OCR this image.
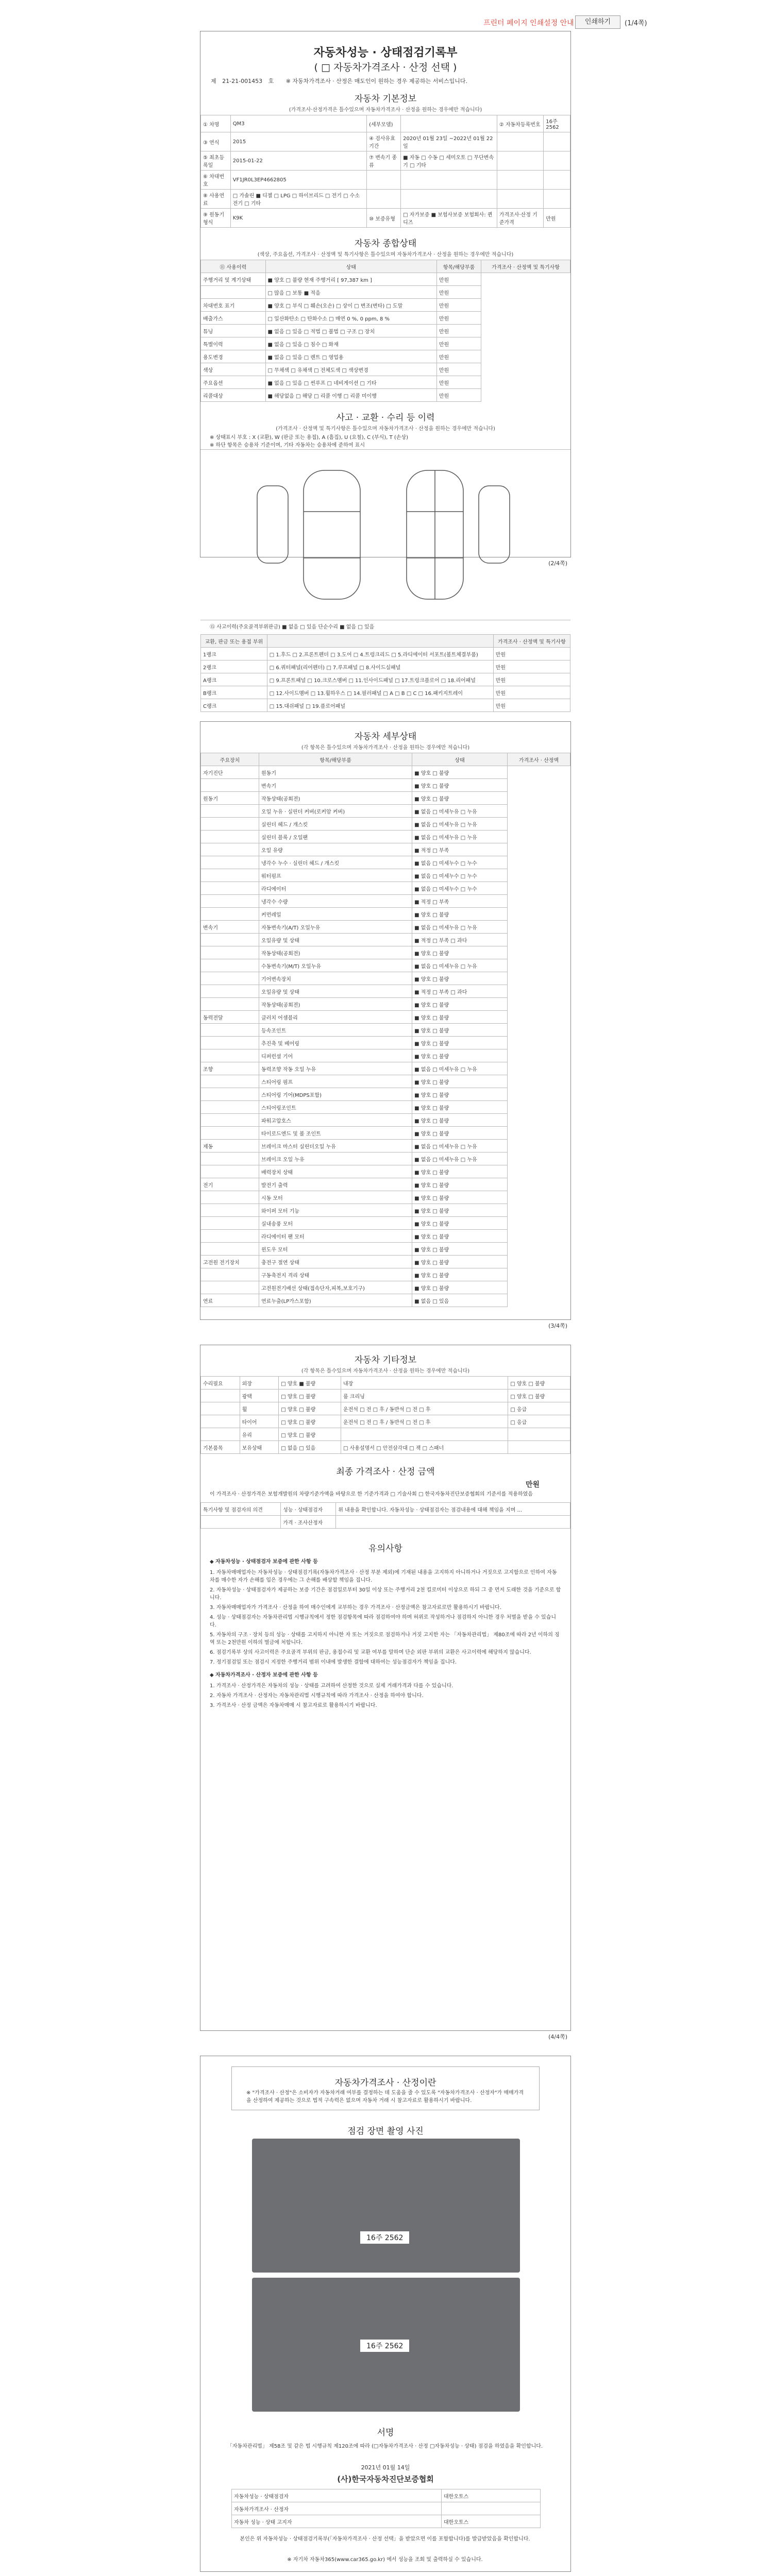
프린터 페이지 인쇄설정 안내	인쇄하기	(1/4쪽)
자동차성능 · 상태점검기록부
( □ 자동차가격조사 · 산정 선택 )
제 21-21-001453 호 ※ 자동차가격조사 · 산정은 매도인이 원하는 경우 제공하는 서비스입니다.
자동차 기본정보
(가격조사·산정가격은 틀수있으며 자동차가격조사 · 산정을 원하는 경우에만 적습니다)
① 차명	QM3	(세부모델)		② 자동차등록번호	16주2562
③ 연식	2015	④ 검사유효기간	2020년 01월 23일 ~2022년 01월 22일		
⑤ 최초등록일	2015-01-22	⑦ 변속기 종류	■ 자동 □ 수동 □ 세미오토 □ 무단변속기 □ 기타		
⑥ 차대번호	VF1JR0L3EP4662805				
⑧ 사용연료	□ 가솔린 ■ 디젤 □ LPG □ 하이브리드 □ 전기 □ 수소전기 □ 기타				
⑨ 원동기형식	K9K	⑩ 보증유형	□ 자가보증 ■ 보험사보증 보험회사: 퀸디즈	가격조사·산정 기준가격	만원
자동차 종합상태
(색상, 주요옵션, 가격조사 · 산정액 및 특기사항은 틀수있으며 자동차가격조사 · 산정을 원하는 경우에만 적습니다)
⑪ 사용이력	상태	항목/해당부품	가격조사 · 산정액 및 특기사항
주행거리 및 계기상태	■ 양호 □ 불량 현재 주행거리 [ 97,387 km ]	만원	
	□ 많음 □ 보통 ■ 적음	만원	
차대번호 표기	■ 양호 □ 부식 □ 훼손(오손) □ 상이 □ 변조(변타) □ 도말	만원	
배출가스	□ 일산화탄소 □ 탄화수소 □ 매연 0 %, 0 ppm, 8 %	만원	
튜닝	■ 없음 □ 있음 □ 적법 □ 불법 □ 구조 □ 장치	만원	
특별이력	■ 없음 □ 있음 □ 침수 □ 화재	만원	
용도변경	■ 없음 □ 있음 □ 렌트 □ 영업용	만원	
색상	□ 무채색 □ 유채색 □ 전체도색 □ 색상변경	만원	
주요옵션	■ 없음 □ 있음 □ 썬루프 □ 네비게이션 □ 기타	만원	
리콜대상	■ 해당없음 □ 해당 □ 리콜 이행 □ 리콜 미이행	만원	
사고 · 교환 · 수리 등 이력
(가격조사 · 산정액 및 특기사항은 틀수있으며 자동차가격조사 · 산정을 원하는 경우에만 적습니다)
※ 상태표시 부호 : X (교환), W (판금 또는 용접), A (흠집), U (요철), C (부식), T (손상)
※ 하단 항목은 승용차 기준이며, 기타 자동차는 승용차에 준하여 표시
⑮ 사고이력(주요골격부위판금) ■ 없음 □ 있음 단순수리 ■ 없음 □ 있음
교환, 판금 또는 용접 부위		가격조사 · 산정액 및 특기사항
1랭크	□ 1.후드 □ 2.프론트펜더 □ 3.도어 □ 4.트렁크리드 □ 5.라디에이터 서포트(볼트체결부품)	만원
2랭크	□ 6.쿼터패널(리어펜더) □ 7.루프패널 □ 8.사이드실패널	만원
A랭크	□ 9.프론트패널 □ 10.크로스멤버 □ 11.인사이드패널 □ 17.트렁크플로어 □ 18.리어패널	만원
B랭크	□ 12.사이드멤버 □ 13.휠하우스 □ 14.필러패널 □ A □ B □ C □ 16.패키지트레이	만원
C랭크	□ 15.대쉬패널 □ 19.플로어패널	만원
(2/4쪽)
자동차 세부상태
(각 항목은 틀수있으며 자동차가격조사 · 산정을 원하는 경우에만 적습니다)
주요장치	항목/해당부품	상태	가격조사 · 산정액
자기진단	원동기	■ 양호 □ 불량	
	변속기	■ 양호 □ 불량	
원동기	작동상태(공회전)	■ 양호 □ 불량	
	오일 누유 · 실린더 커버(로커암 커버)	■ 없음 □ 미세누유 □ 누유	
	실린더 헤드 / 개스킷	■ 없음 □ 미세누유 □ 누유	
	실린더 블록 / 오일팬	■ 없음 □ 미세누유 □ 누유	
	오일 유량	■ 적정 □ 부족	
	냉각수 누수 · 실린더 헤드 / 개스킷	■ 없음 □ 미세누수 □ 누수	
	워터펌프	■ 없음 □ 미세누수 □ 누수	
	라디에이터	■ 없음 □ 미세누수 □ 누수	
	냉각수 수량	■ 적정 □ 부족	
	커먼레일	■ 양호 □ 불량	
변속기	자동변속기(A/T) 오일누유	■ 없음 □ 미세누유 □ 누유	
	오일유량 및 상태	■ 적정 □ 부족 □ 과다	
	작동상태(공회전)	■ 양호 □ 불량	
	수동변속기(M/T) 오일누유	■ 없음 □ 미세누유 □ 누유	
	기어변속장치	■ 양호 □ 불량	
	오일유량 및 상태	■ 적정 □ 부족 □ 과다	
	작동상태(공회전)	■ 양호 □ 불량	
동력전달	클러치 어셈블리	■ 양호 □ 불량	
	등속조인트	■ 양호 □ 불량	
	추진축 및 베어링	■ 양호 □ 불량	
	디퍼런셜 기어	■ 양호 □ 불량	
조향	동력조향 작동 오일 누유	■ 없음 □ 미세누유 □ 누유	
	스티어링 펌프	■ 양호 □ 불량	
	스티어링 기어(MDPS포함)	■ 양호 □ 불량	
	스티어링조인트	■ 양호 □ 불량	
	파워고압호스	■ 양호 □ 불량	
	타이로드엔드 및 볼 조인트	■ 양호 □ 불량	
제동	브레이크 마스터 실린더오일 누유	■ 없음 □ 미세누유 □ 누유	
	브레이크 오일 누유	■ 없음 □ 미세누유 □ 누유	
	배력장치 상태	■ 양호 □ 불량	
전기	발전기 출력	■ 양호 □ 불량	
	시동 모터	■ 양호 □ 불량	
	와이퍼 모터 기능	■ 양호 □ 불량	
	실내송풍 모터	■ 양호 □ 불량	
	라디에이터 팬 모터	■ 양호 □ 불량	
	윈도우 모터	■ 양호 □ 불량	
고전원 전기장치	충전구 절연 상태	■ 양호 □ 불량	
	구동축전지 격리 상태	■ 양호 □ 불량	
	고전원전기배선 상태(접속단자,피복,보호기구)	■ 양호 □ 불량	
연료	연료누출(LP가스포함)	■ 없음 □ 있음	
(3/4쪽)
자동차 기타정보
(각 항목은 틀수있으며 자동차가격조사 · 산정을 원하는 경우에만 적습니다)
수리필요	외장	□ 양호 ■ 불량	내장	□ 양호 □ 불량
	광택	□ 양호 □ 불량	룸 크리닝	□ 양호 □ 불량
	휠	□ 양호 □ 불량	운전석 □ 전 □ 후 / 동반석 □ 전 □ 후	□ 응급
	타이어	□ 양호 □ 불량	운전석 □ 전 □ 후 / 동반석 □ 전 □ 후	□ 응급
	유리	□ 양호 □ 불량		
기본품목	보유상태	□ 없음 □ 있음	□ 사용설명서 □ 안전삼각대 □ 잭 □ 스패너	
최종 가격조사 · 산정 금액
만원
이 가격조사 · 산정가격은 보험개발원의 차량기준가액을 바탕으로 한 기준가격과 □ 기술사회 □ 한국자동차진단보증협회의 기준서를 적용하였음
특기사항 및 점검자의 의견	성능 · 상태점검자	위 내용을 확인합니다. 자동차성능 · 상태점검자는 점검내용에 대해 책임을 지며 ...
	가격 · 조사산정자	
유의사항
◆ 자동차성능 · 상태점검자 보증에 관한 사항 등
1. 자동차매매업자는 자동차성능 · 상태점검기록(자동차가격조사 · 산정 부분 제외)에 기재된 내용을 고지하지 아니하거나 거짓으로 고지함으로 인하여 자동차를 매수한 자가 손해를 입은 경우에는 그 손해를 배상할 책임을 집니다.
2. 자동차성능 · 상태점검자가 제공하는 보증 기간은 점검일로부터 30일 이상 또는 주행거리 2천 킬로미터 이상으로 하되 그 중 먼저 도래한 것을 기준으로 합니다.
3. 자동차매매업자가 가격조사 · 산정을 하여 매수인에게 교부하는 경우 가격조사 · 산정금액은 참고자료로만 활용하시기 바랍니다.
4. 성능 · 상태점검자는 자동차관리법 시행규칙에서 정한 점검항목에 따라 점검하여야 하며 허위로 작성하거나 점검하지 아니한 경우 처벌을 받을 수 있습니다.
5. 자동차의 구조 · 장치 등의 성능 · 상태를 고지하지 아니한 자 또는 거짓으로 점검하거나 거짓 고지한 자는 「자동차관리법」 제80조에 따라 2년 이하의 징역 또는 2천만원 이하의 벌금에 처합니다.
6. 점검기록부 상의 사고이력은 주요골격 부위의 판금, 용접수리 및 교환 여부를 말하며 단순 외판 부위의 교환은 사고이력에 해당하지 않습니다.
7. 정기점검일 또는 점검시 지정한 주행거리 범위 이내에 발생한 결함에 대하여는 성능점검자가 책임을 집니다.
◆ 자동차가격조사 · 산정자 보증에 관한 사항 등
1. 가격조사 · 산정가격은 자동차의 성능 · 상태를 고려하여 산정한 것으로 실제 거래가격과 다를 수 있습니다.
2. 자동차 가격조사 · 산정자는 자동차관리법 시행규칙에 따라 가격조사 · 산정을 하여야 합니다.
3. 가격조사 · 산정 금액은 자동차매매 시 참고자료로 활용하시기 바랍니다.
(4/4쪽)
자동차가격조사 · 산정이란
※ "가격조사 · 산정"은 소비자가 자동차거래 여부를 결정하는 데 도움을 줄 수 있도록 "자동차가격조사 · 산정자"가 매매가격을 산정하여 제공하는 것으로 법적 구속력은 없으며 자동차 거래 시 참고자료로 활용하시기 바랍니다.
점검 장면 촬영 사진
16주 2562
16주 2562
서명
「자동차관리법」 제58조 및 같은 법 시행규칙 제120조에 따라 (□자동차가격조사 · 산정 □자동차성능 · 상태) 점검을 하였음을 확인합니다.
2021년 01월 14일
(사)한국자동차진단보증협회
자동차성능 · 상태점검자	대한오토스
자동차가격조사 · 산정자	
자동차 성능 · 상태 고지자	대한오토스
본인은 위 자동차성능 · 상태점검기록부(「자동차가격조사 · 산정 선택」을 받았으면 이를 포함합니다)를 발급받았음을 확인합니다.
※ 자기차 자동차365(www.car365.go.kr) 에서 성능을 조회 및 출력하실 수 있습니다.
